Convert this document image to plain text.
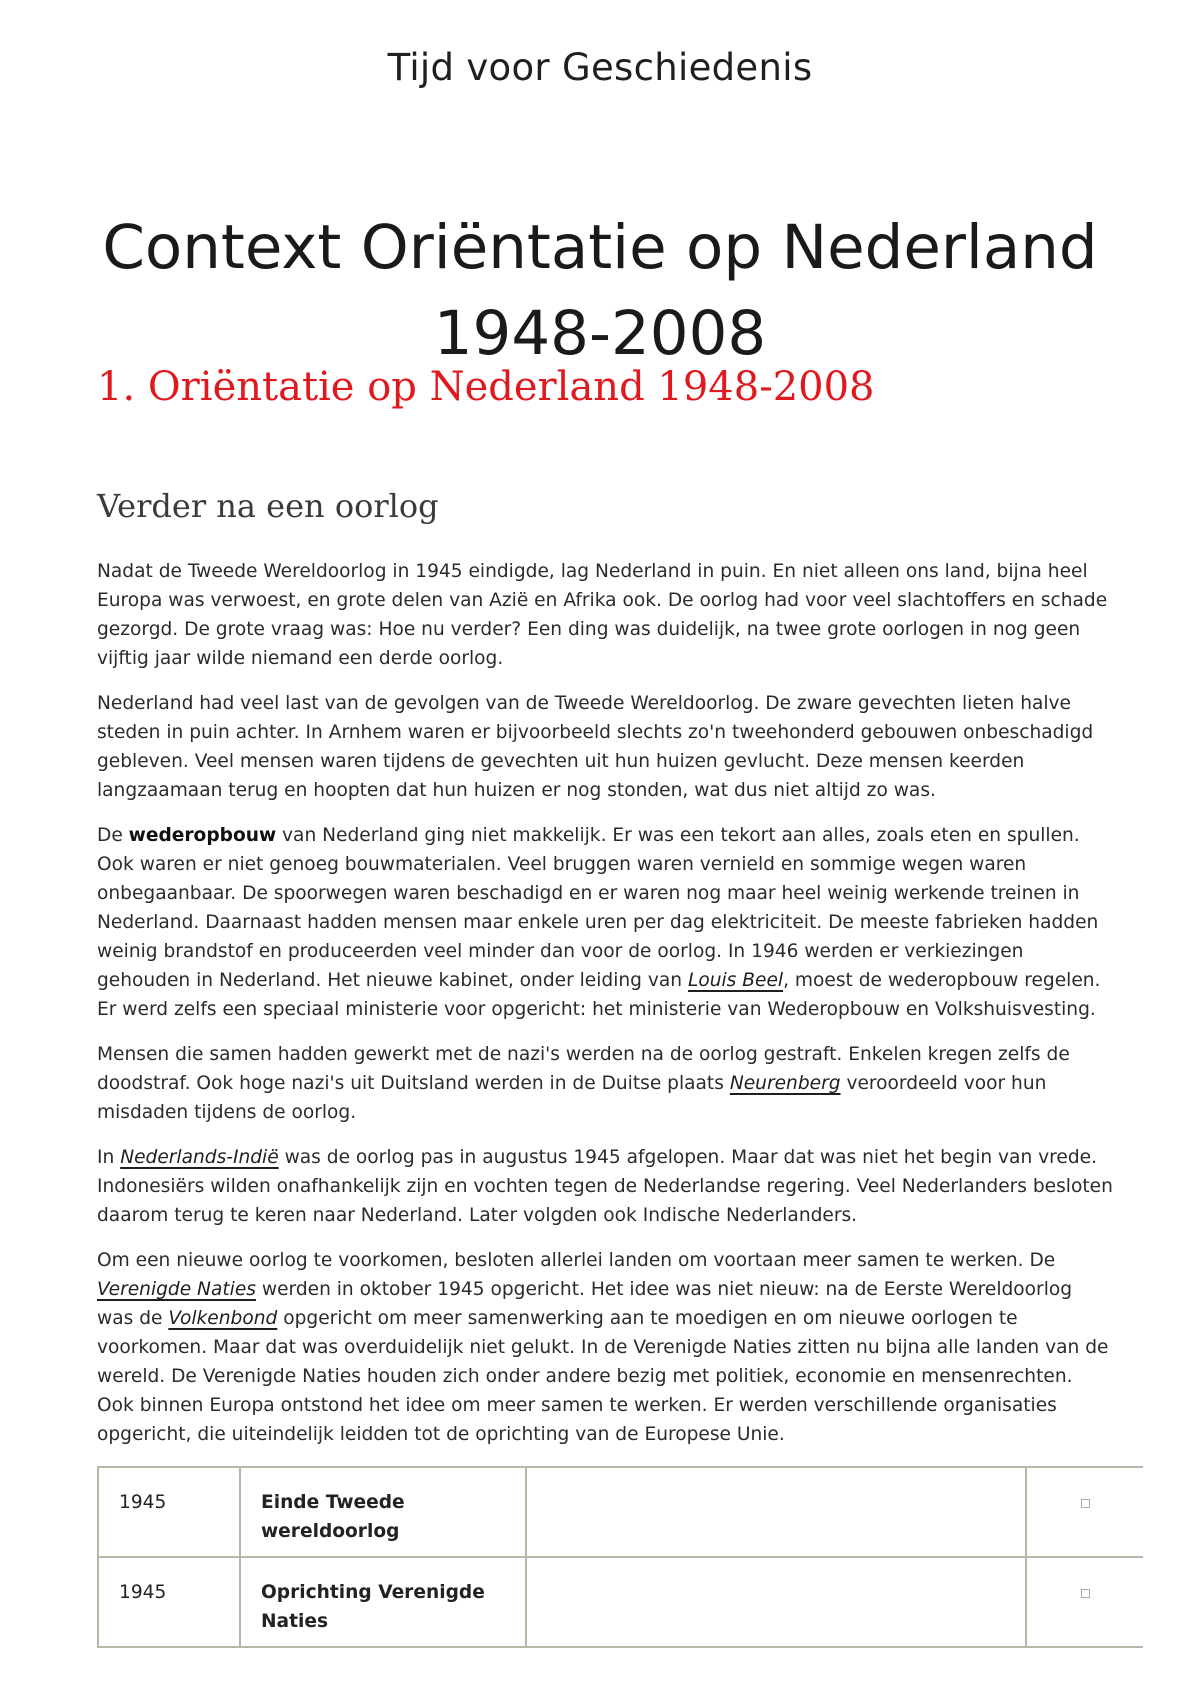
Tijd voor Geschiedenis
Context Oriëntatie op Nederland
1948-2008
1. Oriëntatie op Nederland 1948-2008
Verder na een oorlog

Nadat de Tweede Wereldoorlog in 1945 eindigde, lag Nederland in puin. En niet alleen ons land, bijna heel Europa was verwoest, en grote delen van Azië en Afrika ook. De oorlog had voor veel slachtoffers en schade gezorgd. De grote vraag was: Hoe nu verder? Een ding was duidelijk, na twee grote oorlogen in nog geen vijftig jaar wilde niemand een derde oorlog.

Nederland had veel last van de gevolgen van de Tweede Wereldoorlog. De zware gevechten lieten halve steden in puin achter. In Arnhem waren er bijvoorbeeld slechts zo'n tweehonderd gebouwen onbeschadigd gebleven. Veel mensen waren tijdens de gevechten uit hun huizen gevlucht. Deze mensen keerden langzaamaan terug en hoopten dat hun huizen er nog stonden, wat dus niet altijd zo was.

De wederopbouw van Nederland ging niet makkelijk. Er was een tekort aan alles, zoals eten en spullen. Ook waren er niet genoeg bouwmaterialen. Veel bruggen waren vernield en sommige wegen waren onbegaanbaar. De spoorwegen waren beschadigd en er waren nog maar heel weinig werkende treinen in Nederland. Daarnaast hadden mensen maar enkele uren per dag elektriciteit. De meeste fabrieken hadden weinig brandstof en produceerden veel minder dan voor de oorlog. In 1946 werden er verkiezingen gehouden in Nederland. Het nieuwe kabinet, onder leiding van Louis Beel, moest de wederopbouw regelen. Er werd zelfs een speciaal ministerie voor opgericht: het ministerie van Wederopbouw en Volkshuisvesting.

Mensen die samen hadden gewerkt met de nazi's werden na de oorlog gestraft. Enkelen kregen zelfs de doodstraf. Ook hoge nazi's uit Duitsland werden in de Duitse plaats Neurenberg veroordeeld voor hun misdaden tijdens de oorlog.

In Nederlands-Indië was de oorlog pas in augustus 1945 afgelopen. Maar dat was niet het begin van vrede. Indonesiërs wilden onafhankelijk zijn en vochten tegen de Nederlandse regering. Veel Nederlanders besloten daarom terug te keren naar Nederland. Later volgden ook Indische Nederlanders.

Om een nieuwe oorlog te voorkomen, besloten allerlei landen om voortaan meer samen te werken. De Verenigde Naties werden in oktober 1945 opgericht. Het idee was niet nieuw: na de Eerste Wereldoorlog was de Volkenbond opgericht om meer samenwerking aan te moedigen en om nieuwe oorlogen te voorkomen. Maar dat was overduidelijk niet gelukt. In de Verenigde Naties zitten nu bijna alle landen van de wereld. De Verenigde Naties houden zich onder andere bezig met politiek, economie en mensenrechten. Ook binnen Europa ontstond het idee om meer samen te werken. Er werden verschillende organisaties opgericht, die uiteindelijk leidden tot de oprichting van de Europese Unie.

1945	Einde Tweede wereldoorlog		
1945	Oprichting Verenigde Naties		
